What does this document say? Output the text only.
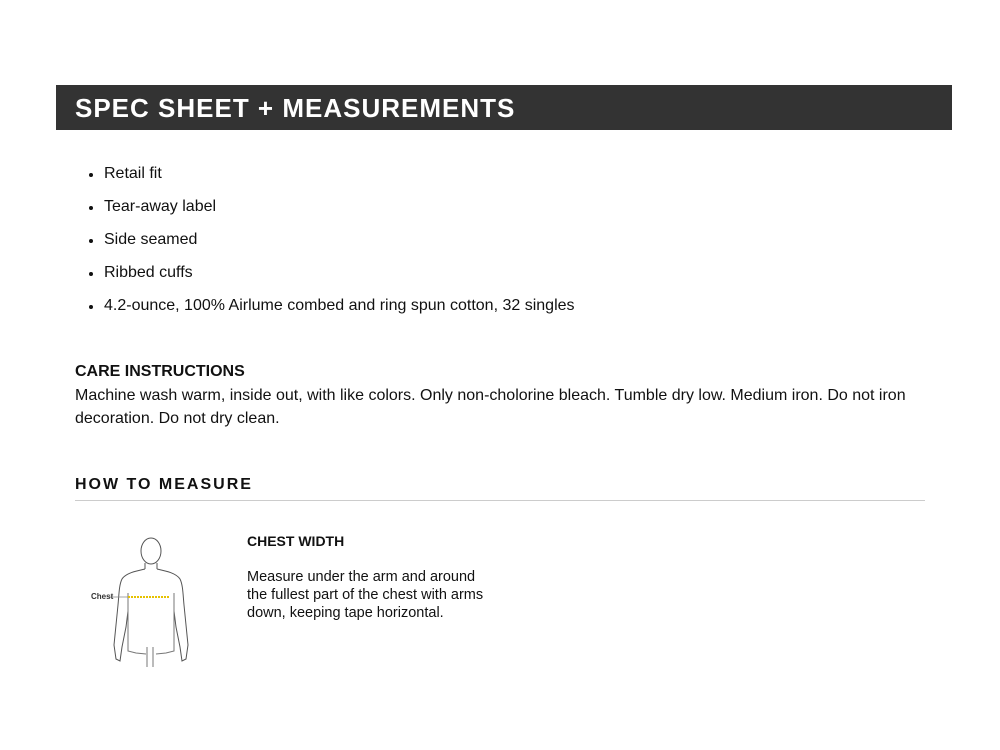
SPEC SHEET + MEASUREMENTS
Retail fit
Tear-away label
Side seamed
Ribbed cuffs
4.2-ounce, 100% Airlume combed and ring spun cotton, 32 singles
CARE INSTRUCTIONS
Machine wash warm, inside out, with like colors. Only non-cholorine bleach. Tumble dry low. Medium iron. Do not iron decoration. Do not dry clean.
HOW TO MEASURE
Chest
CHEST WIDTH
Measure under the arm and around the fullest part of the chest with arms down, keeping tape horizontal.
